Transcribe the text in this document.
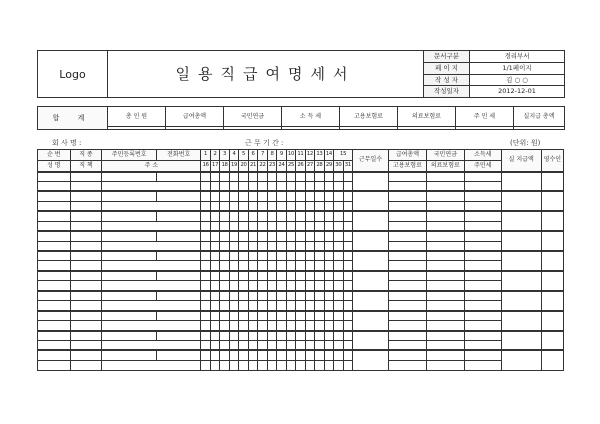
Logo	일용직급여명세서	문서구분	경리부서
		페 이 지	1/1페이지
		작 성 자	김 ○ ○
		작성일자	2012-12-01
합 계	총 인 원	급여총액	국민연금	소 득 세	고용보험료	의료보험료	주 민 세	실지급 총액

회 사 명 :	근 무 기 간 :	(단위: 원)
순 번	직 종	주민등록번호	전화번호	1	2	3	4	5	6	7	8	9	10	11	12	13	14	15		근무일수	급여총액	국민연금	소득세	실 지급액	영수인
성 명	직 책	주 소		16	17	18	19	20	21	22	23	24	25	26	27	28	29	30	31		고용보험료	의료보험료	주민세		
